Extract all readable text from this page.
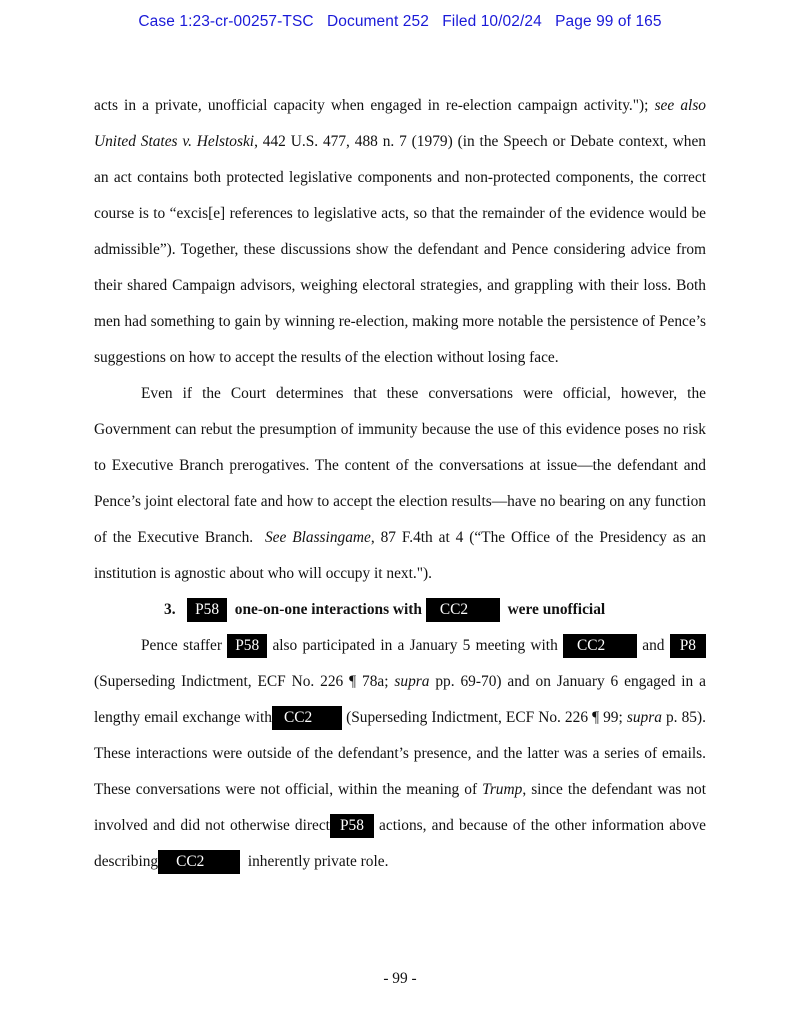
Case 1:23-cr-00257-TSC Document 252 Filed 10/02/24 Page 99 of 165
acts in a private, unofficial capacity when engaged in re-election campaign activity."); see also
United States v. Helstoski, 442 U.S. 477, 488 n. 7 (1979) (in the Speech or Debate context, when
an act contains both protected legislative components and non-protected components, the correct
course is to “excis[e] references to legislative acts, so that the remainder of the evidence would be
admissible”). Together, these discussions show the defendant and Pence considering advice from
their shared Campaign advisors, weighing electoral strategies, and grappling with their loss. Both
men had something to gain by winning re-election, making more notable the persistence of Pence’s
suggestions on how to accept the results of the election without losing face.
Even if the Court determines that these conversations were official, however, the
Government can rebut the presumption of immunity because the use of this evidence poses no risk
to Executive Branch prerogatives. The content of the conversations at issue—the defendant and
Pence’s joint electoral fate and how to accept the election results—have no bearing on any function
of the Executive Branch.  See Blassingame, 87 F.4th at 4 (“The Office of the Presidency as an
institution is agnostic about who will occupy it next.").
3. P58 one-on-one interactions with CC2	were unofficial
Pence staffer P58 also participated in a January 5 meeting with CC2 and P8
(Superseding Indictment, ECF No. 226 ¶ 78a; supra pp. 69-70) and on January 6 engaged in a
lengthy email exchange with CC2 (Superseding Indictment, ECF No. 226 ¶ 99; supra p. 85).
These interactions were outside of the defendant’s presence, and the latter was a series of emails.
These conversations were not official, within the meaning of Trump, since the defendant was not
involved and did not otherwise direct P58 actions, and because of the other information above
describing CC2	inherently private role.
- 99 -
